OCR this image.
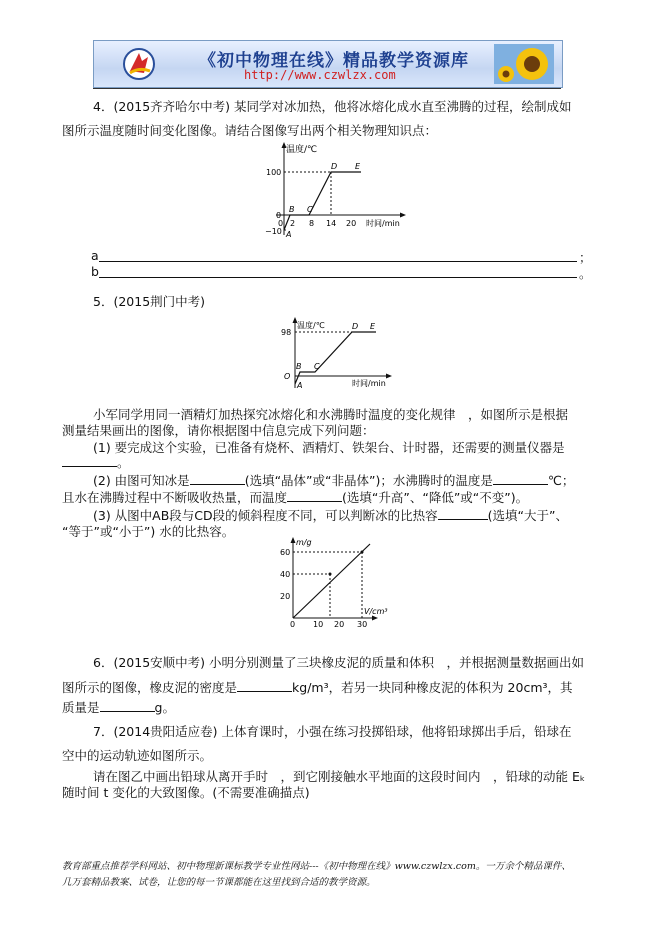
《初中物理在线》精品教学资源库
http://www.czwlzx.com
4．(2015齐齐哈尔中考) 某同学对冰加热，他将冰熔化成水直至沸腾的过程，绘制成如
图所示温度随时间变化图像。请结合图像写出两个相关物理知识点：
温度/℃
时间/min
100
0
−10
0 2 8 14 20
A
B C
D E
a	；
b	。
5．(2015荆门中考)
温度/℃
时间/min
98
O
A
B C
D E
小军同学用同一酒精灯加热探究冰熔化和水沸腾时温度的变化规律　，如图所示是根据
测量结果画出的图像，请你根据图中信息完成下列问题：
(1) 要完成这个实验，已准备有烧杯、酒精灯、铁架台、计时器，还需要的测量仪器是
。
(2) 由图可知冰是	(选填“晶体”或“非晶体”)；水沸腾时的温度是	℃；
且水在沸腾过程中不断吸收热量，而温度	(选填“升高”、“降低”或“不变”)。
(3) 从图中AB段与CD段的倾斜程度不同，可以判断冰的比热容	(选填“大于”、
“等于”或“小于”) 水的比热容。
m/g
V/cm³
60
40
20
0 10 20 30
6．(2015安顺中考) 小明分别测量了三块橡皮泥的质量和体积　，并根据测量数据画出如
图所示的图像，橡皮泥的密度是	kg/m³，若另一块同种橡皮泥的体积为 20cm³，其
质量是	g。
7．(2014贵阳适应卷) 上体育课时，小强在练习投掷铅球，他将铅球掷出手后，铅球在
空中的运动轨迹如图所示。
请在图乙中画出铅球从离开手时　，到它刚接触水平地面的这段时间内　，铅球的动能 Eₖ
随时间 t 变化的大致图像。(不需要准确描点)
教育部重点推荐学科网站、初中物理新课标教学专业性网站---《初中物理在线》www.czwlzx.com。一万余个精品课件、
几万套精品教案、试卷，让您的每一节课都能在这里找到合适的教学资源。
